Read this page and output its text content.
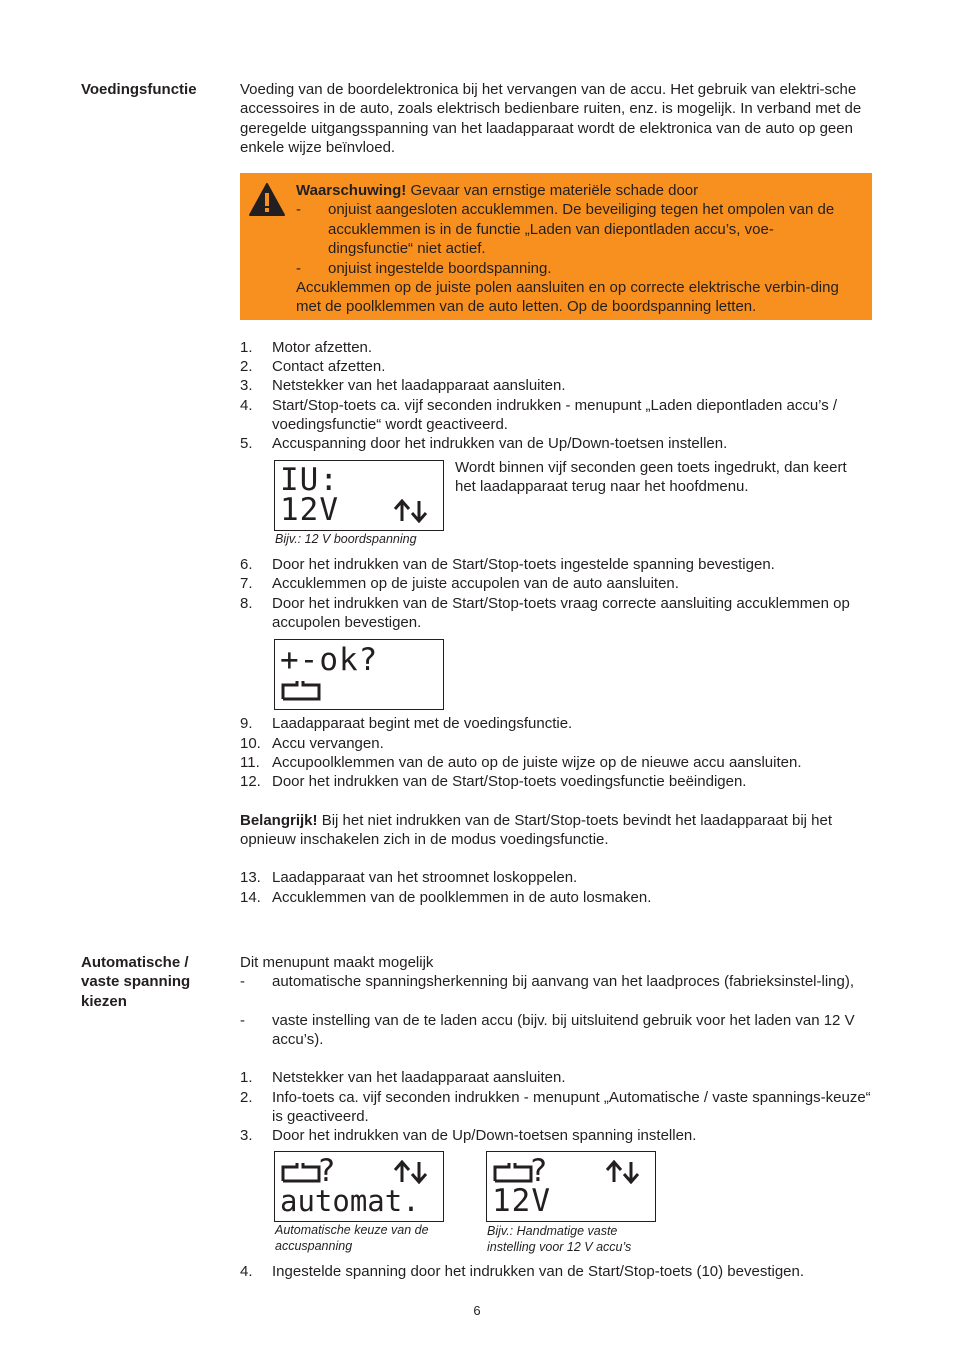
Voedingsfunctie	Voeding van de boordelektronica bij het vervangen van de accu. Het gebruik van elektri-sche accessoires in de auto, zoals elektrisch bedienbare ruiten, enz. is mogelijk. In verband met de geregelde uitgangsspanning van het laadapparaat wordt de elektronica van de auto op geen enkele wijze beïnvloed.
Waarschuwing! Gevaar van ernstige materiële schade door
-	onjuist aangesloten accuklemmen. De beveiliging tegen het ompolen van de accuklemmen is in de functie „Laden van diepontladen accu’s, voe-dingsfunctie“ niet actief.
-	onjuist ingestelde boordspanning.
Accuklemmen op de juiste polen aansluiten en op correcte elektrische verbin-ding met de poolklemmen van de auto letten. Op de boordspanning letten.
1.	Motor afzetten.
2.	Contact afzetten.
3.	Netstekker van het laadapparaat aansluiten.
4.	Start/Stop-toets ca. vijf seconden indrukken - menupunt „Laden diepontladen accu’s / voedingsfunctie“ wordt geactiveerd.
5.	Accuspanning door het indrukken van de Up/Down-toetsen instellen.
IU:
12V
Bijv.: 12 V boordspanning
Wordt binnen vijf seconden geen toets ingedrukt, dan keert het laadapparaat terug naar het hoofdmenu.
6.	Door het indrukken van de Start/Stop-toets ingestelde spanning bevestigen.
7.	Accuklemmen op de juiste accupolen van de auto aansluiten.
8.	Door het indrukken van de Start/Stop-toets vraag correcte aansluiting accuklemmen op accupolen bevestigen.
+-ok?
9.	Laadapparaat begint met de voedingsfunctie.
10. Accu vervangen.
11. Accupoolklemmen van de auto op de juiste wijze op de nieuwe accu aansluiten.
12. Door het indrukken van de Start/Stop-toets voedingsfunctie beëindigen.
Belangrijk! Bij het niet indrukken van de Start/Stop-toets bevindt het laadapparaat bij het opnieuw inschakelen zich in de modus voedingsfunctie.
13. Laadapparaat van het stroomnet loskoppelen.
14. Accuklemmen van de poolklemmen in de auto losmaken.
Automatische / vaste spanning kiezen
Dit menupunt maakt mogelijk
-	automatische spanningsherkenning bij aanvang van het laadproces (fabrieksinstel-ling),
-	vaste instelling van de te laden accu (bijv. bij uitsluitend gebruik voor het laden van 12 V accu’s).
1.	Netstekker van het laadapparaat aansluiten.
2.	Info-toets ca. vijf seconden indrukken - menupunt „Automatische / vaste spannings-keuze“ is geactiveerd.
3.	Door het indrukken van de Up/Down-toetsen spanning instellen.
?
automat.
Automatische keuze van de accuspanning
?
12V
Bijv.: Handmatige vaste instelling voor 12 V accu’s
4.	Ingestelde spanning door het indrukken van de Start/Stop-toets (10) bevestigen.
6
